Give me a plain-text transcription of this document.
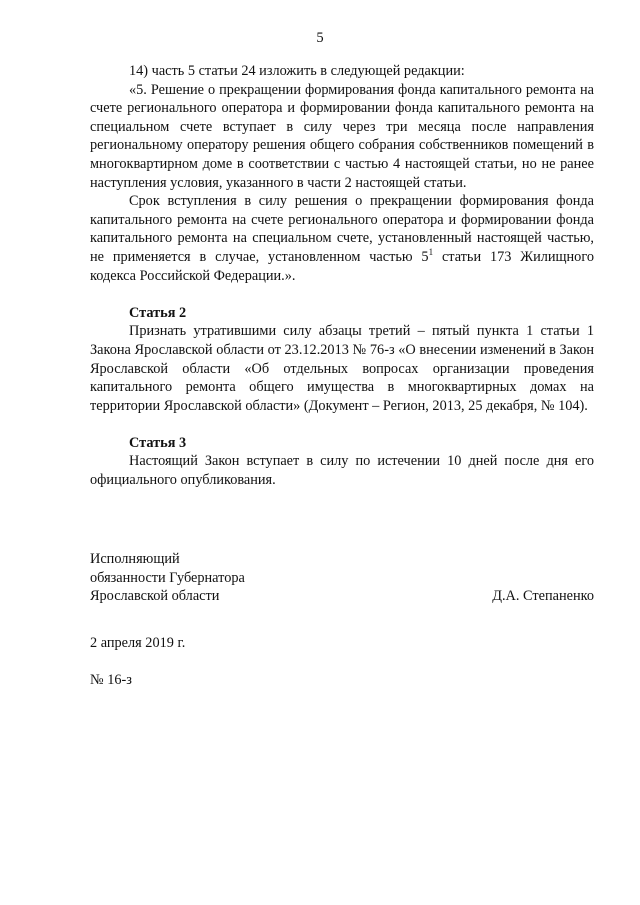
5

14) часть 5 статьи 24 изложить в следующей редакции:

«5. Решение о прекращении формирования фонда капитального ремонта на счете регионального оператора и формировании фонда капитального ремонта на специальном счете вступает в силу через три месяца после направления региональному оператору решения общего собрания собственников помещений в многоквартирном доме в соответствии с частью 4 настоящей статьи, но не ранее наступления условия, указанного в части 2 настоящей статьи.

Срок вступления в силу решения о прекращении формирования фонда капитального ремонта на счете регионального оператора и формировании фонда капитального ремонта на специальном счете, установленный настоящей частью, не применяется в случае, установленном частью $5^1$ статьи 173 Жилищного кодекса Российской Федерации.».

Статья 2

Признать утратившими силу абзацы третий – пятый пункта 1 статьи 1 Закона Ярославской области от 23.12.2013 № 76-з «О внесении изменений в Закон Ярославской области «Об отдельных вопросах организации проведения капитального ремонта общего имущества в многоквартирных домах на территории Ярославской области» (Документ – Регион, 2013, 25 декабря, № 104).

Статья 3

Настоящий Закон вступает в силу по истечении 10 дней после дня его официального опубликования.

Исполняющий
обязанности Губернатора
Ярославской области	Д.А. Степаненко
2 апреля 2019 г.
№ 16-з
